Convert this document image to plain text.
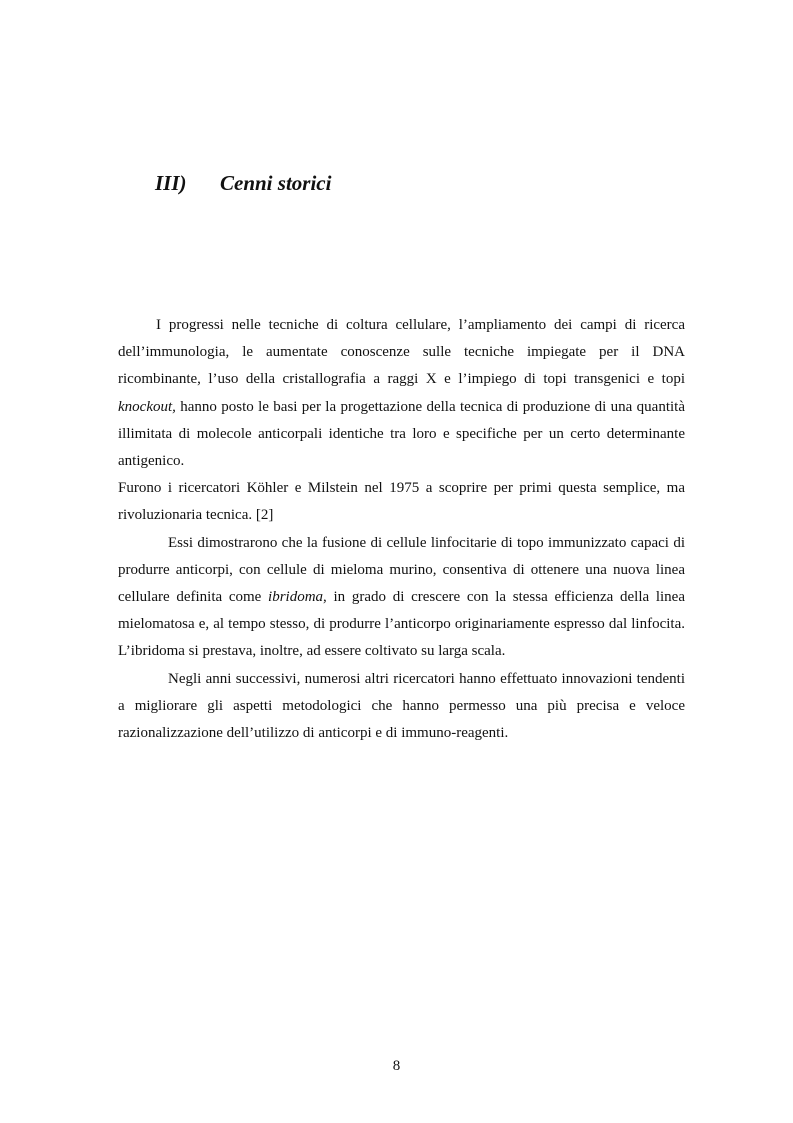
III) Cenni storici

I progressi nelle tecniche di coltura cellulare, l’ampliamento dei campi di ricerca dell’immunologia, le aumentate conoscenze sulle tecniche impiegate per il DNA ricombinante, l’uso della cristallografia a raggi X e l’impiego di topi transgenici e topi knockout, hanno posto le basi per la progettazione della tecnica di produzione di una quantità illimitata di molecole anticorpali identiche tra loro e specifiche per un certo determinante antigenico.

Furono i ricercatori Köhler e Milstein nel 1975 a scoprire per primi questa semplice, ma rivoluzionaria tecnica. [2]

Essi dimostrarono che la fusione di cellule linfocitarie di topo immunizzato capaci di produrre anticorpi, con cellule di mieloma murino, consentiva di ottenere una nuova linea cellulare definita come ibridoma, in grado di crescere con la stessa efficienza della linea mielomatosa e, al tempo stesso, di produrre l’anticorpo originariamente espresso dal linfocita. L’ibridoma si prestava, inoltre, ad essere coltivato su larga scala.

Negli anni successivi, numerosi altri ricercatori hanno effettuato innovazioni tendenti a migliorare gli aspetti metodologici che hanno permesso una più precisa e veloce razionalizzazione dell’utilizzo di anticorpi e di immuno-reagenti.

8
